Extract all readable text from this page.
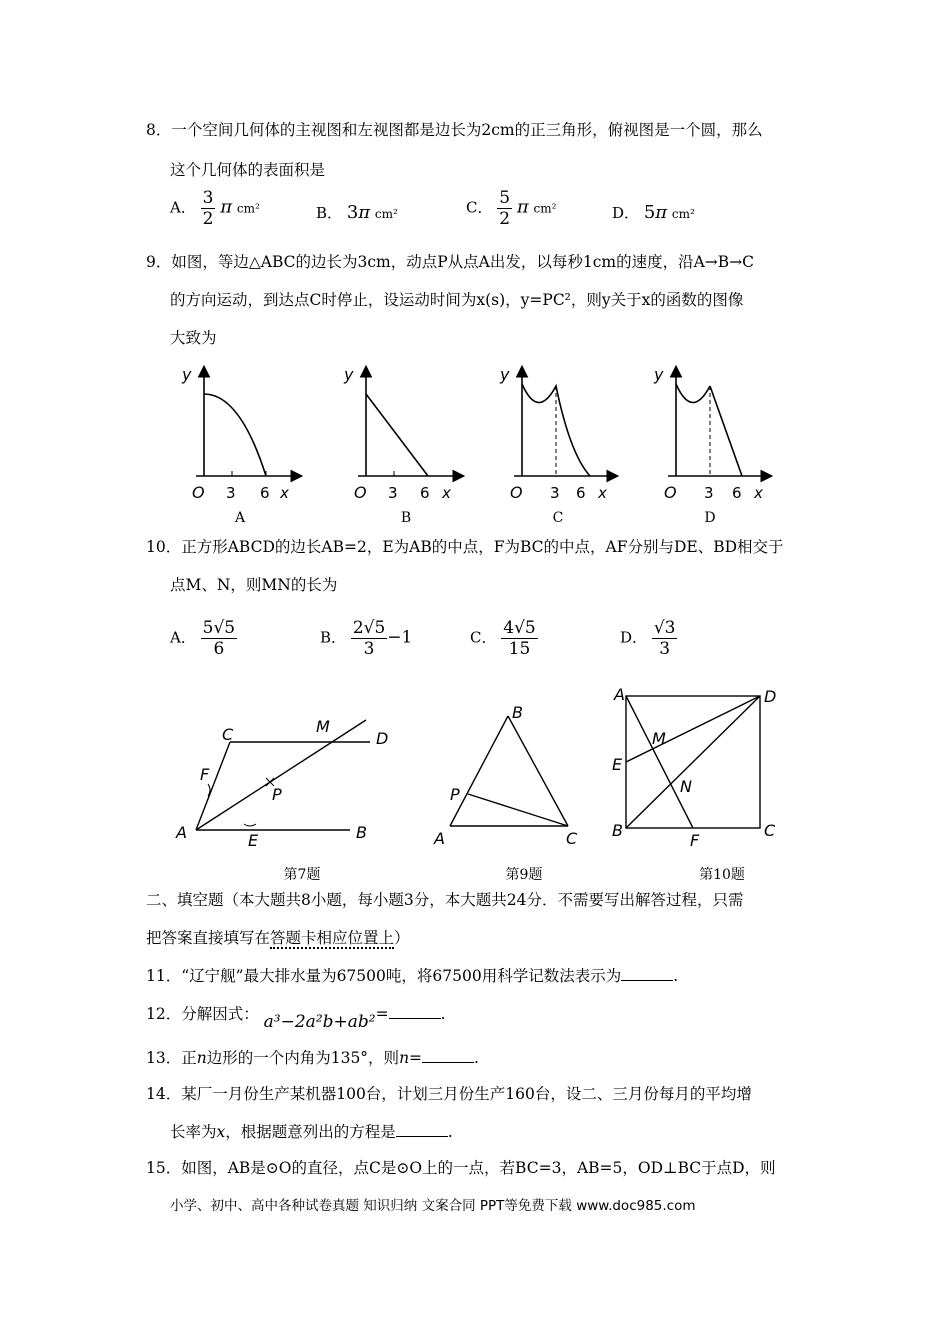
8．一个空间几何体的主视图和左视图都是边长为2cm的正三角形，俯视图是一个圆，那么
这个几何体的表面积是
A． $\frac{3}{2}$ π cm²	B． 3π cm²	C． $\frac{5}{2}$ π cm²	D． 5π cm²
9．如图，等边△ABC的边长为3cm，动点P从点A出发，以每秒1cm的速度，沿A→B→C
的方向运动，到达点C时停止，设运动时间为x(s)，y=PC²，则y关于x的函数的图像
大致为
y
O 3 6 x
y
O 3 6 x
y
O 3 6 x
y
O 3 6 x
A	B	C	D
10．正方形ABCD的边长AB=2，E为AB的中点，F为BC的中点，AF分别与DE、BD相交于
点M、N，则MN的长为
A． $\frac{5√5}{6}$	B． $\frac{2√5}{3} -1$	C． $\frac{4√5}{15}$	D． $\frac{√3}{3}$
C	M
D
F
P
A	E	B
B
P
A	C
A	D
M
E
N
B
F
C
第7题	第9题	第10题
二、填空题（本大题共8小题，每小题3分，本大题共24分．不需要写出解答过程，只需
把答案直接填写在答题卡相应位置上）
11．“辽宁舰”最大排水量为67500吨，将67500用科学记数法表示为	.
12．分解因式： a³−2a²b+ab²=	.
13．正n边形的一个内角为135°，则n=	.
14．某厂一月份生产某机器100台，计划三月份生产160台，设二、三月份每月的平均增
长率为x，根据题意列出的方程是	.
15．如图，AB是⊙O的直径，点C是⊙O上的一点，若BC=3，AB=5，OD⊥BC于点D，则
小学、初中、高中各种试卷真题 知识归纳 文案合同 PPT等免费下载 www.doc985.com
